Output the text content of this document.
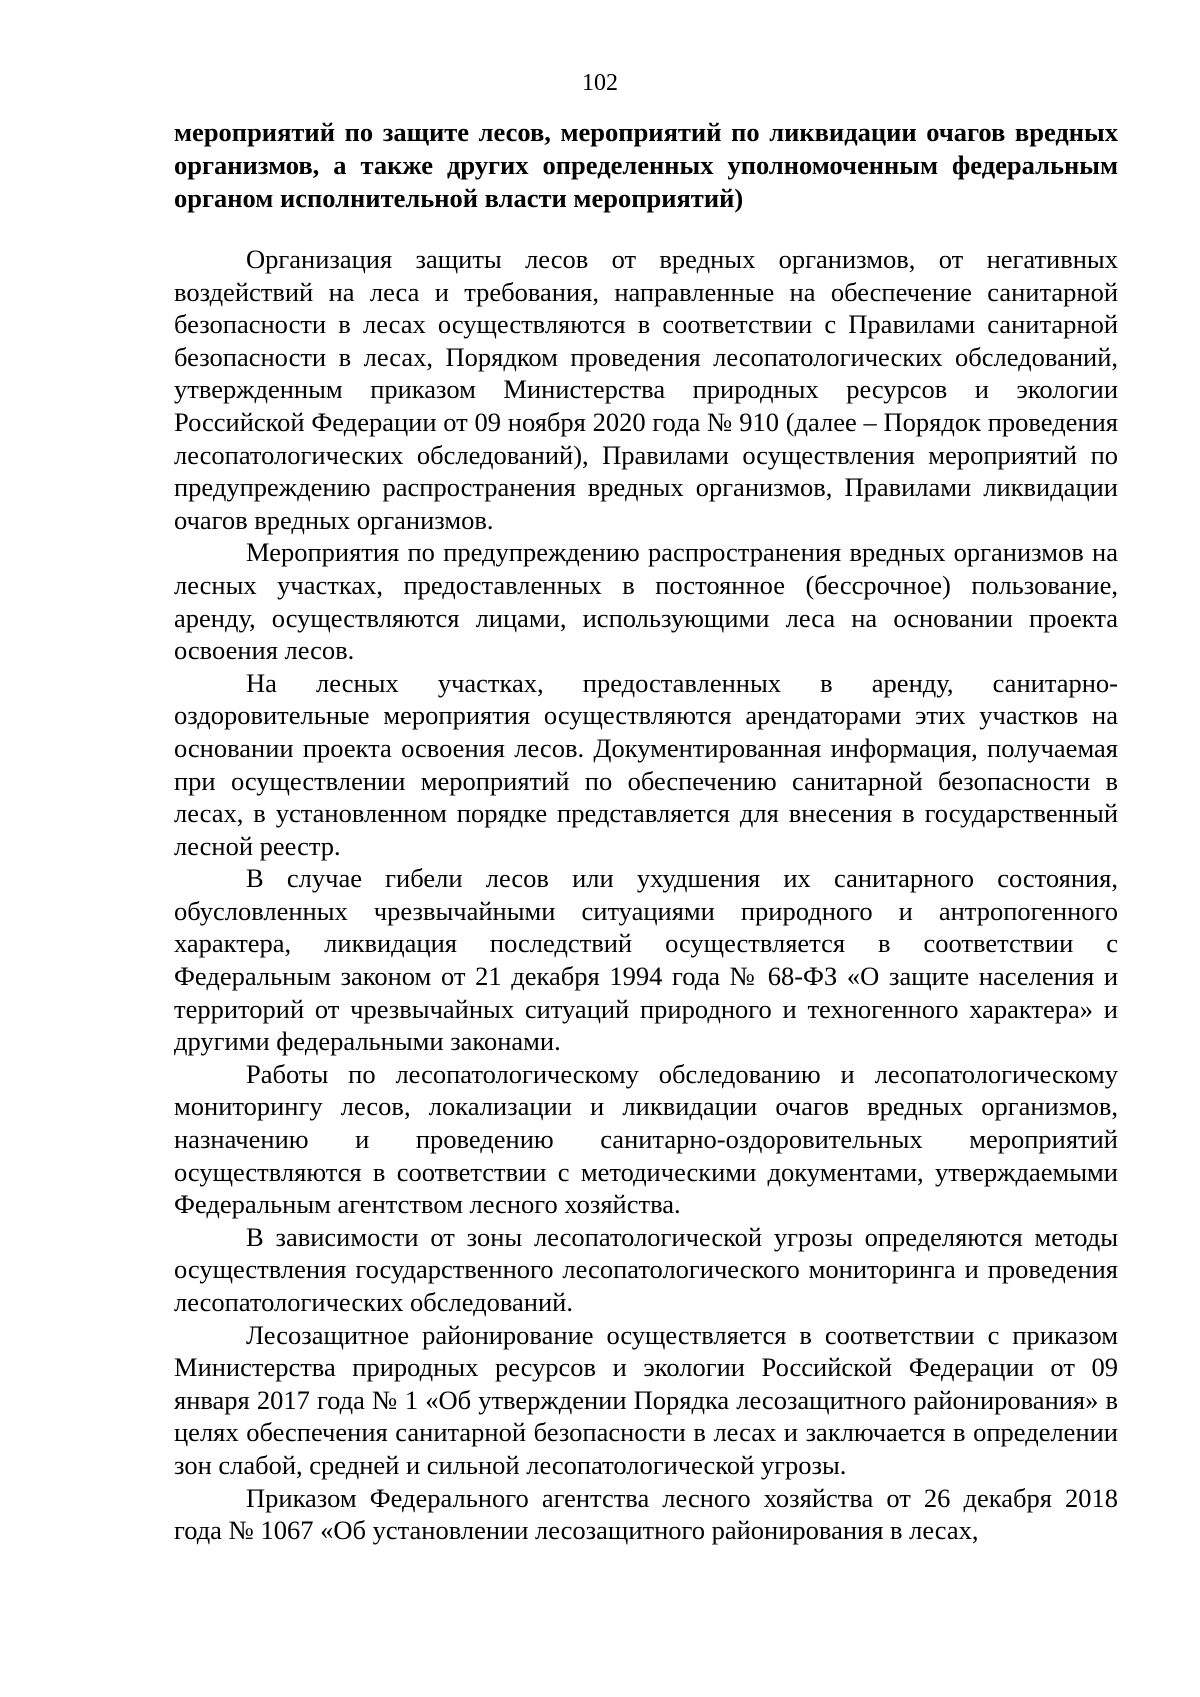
102

мероприятий по защите лесов, мероприятий по ликвидации очагов вредных организмов, а также других определенных уполномоченным федеральным органом исполнительной власти мероприятий)

Организация защиты лесов от вредных организмов, от негативных воздействий на леса и требования, направленные на обеспечение санитарной безопасности в лесах осуществляются в соответствии с Правилами санитарной безопасности в лесах, Порядком проведения лесопатологических обследований, утвержденным приказом Министерства природных ресурсов и экологии Российской Федерации от 09 ноября 2020 года № 910 (далее – Порядок проведения лесопатологических обследований), Правилами осуществления мероприятий по предупреждению распространения вредных организмов, Правилами ликвидации очагов вредных организмов.

Мероприятия по предупреждению распространения вредных организмов на лесных участках, предоставленных в постоянное (бессрочное) пользование, аренду, осуществляются лицами, использующими леса на основании проекта освоения лесов.

На лесных участках, предоставленных в аренду, санитарно-оздоровительные мероприятия осуществляются арендаторами этих участков на основании проекта освоения лесов. Документированная информация, получаемая при осуществлении мероприятий по обеспечению санитарной безопасности в лесах, в установленном порядке представляется для внесения в государственный лесной реестр.

В случае гибели лесов или ухудшения их санитарного состояния, обусловленных чрезвычайными ситуациями природного и антропогенного характера, ликвидация последствий осуществляется в соответствии с Федеральным законом от 21 декабря 1994 года № 68-ФЗ «О защите населения и территорий от чрезвычайных ситуаций природного и техногенного характера» и другими федеральными законами.

Работы по лесопатологическому обследованию и лесопатологическому мониторингу лесов, локализации и ликвидации очагов вредных организмов, назначению и проведению санитарно-оздоровительных мероприятий осуществляются в соответствии с методическими документами, утверждаемыми Федеральным агентством лесного хозяйства.

В зависимости от зоны лесопатологической угрозы определяются методы осуществления государственного лесопатологического мониторинга и проведения лесопатологических обследований.

Лесозащитное районирование осуществляется в соответствии с приказом Министерства природных ресурсов и экологии Российской Федерации от 09 января 2017 года № 1 «Об утверждении Порядка лесозащитного районирования» в целях обеспечения санитарной безопасности в лесах и заключается в определении зон слабой, средней и сильной лесопатологической угрозы.

Приказом Федерального агентства лесного хозяйства от 26 декабря 2018 года № 1067 «Об установлении лесозащитного районирования в лесах,
